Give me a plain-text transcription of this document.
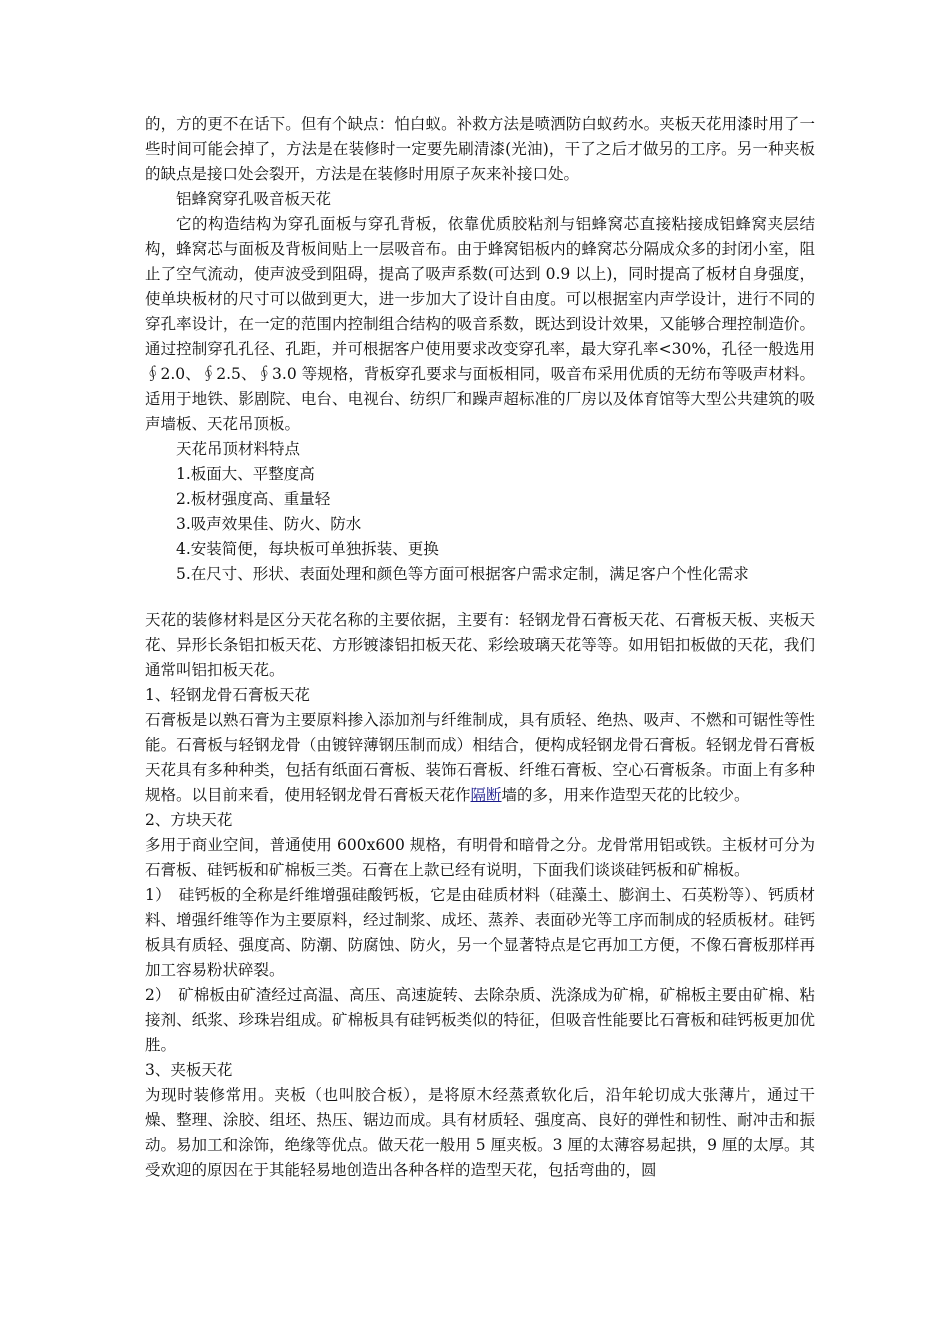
的，方的更不在话下。但有个缺点：怕白蚁。补救方法是喷洒防白蚁药水。夹板天花用漆时用了一些时间可能会掉了，方法是在装修时一定要先刷清漆(光油)，干了之后才做另的工序。另一种夹板的缺点是接口处会裂开，方法是在装修时用原子灰来补接口处。

铝蜂窝穿孔吸音板天花

它的构造结构为穿孔面板与穿孔背板，依靠优质胶粘剂与铝蜂窝芯直接粘接成铝蜂窝夹层结构，蜂窝芯与面板及背板间贴上一层吸音布。由于蜂窝铝板内的蜂窝芯分隔成众多的封闭小室，阻止了空气流动，使声波受到阻碍，提高了吸声系数(可达到 0.9 以上)，同时提高了板材自身强度，使单块板材的尺寸可以做到更大，进一步加大了设计自由度。可以根据室内声学设计，进行不同的穿孔率设计，在一定的范围内控制组合结构的吸音系数，既达到设计效果，又能够合理控制造价。通过控制穿孔孔径、孔距，并可根据客户使用要求改变穿孔率，最大穿孔率<30%，孔径一般选用∮2.0、∮2.5、∮3.0 等规格，背板穿孔要求与面板相同，吸音布采用优质的无纺布等吸声材料。适用于地铁、影剧院、电台、电视台、纺织厂和躁声超标准的厂房以及体育馆等大型公共建筑的吸声墙板、天花吊顶板。

天花吊顶材料特点

1.板面大、平整度高

2.板材强度高、重量轻

3.吸声效果佳、防火、防水

4.安装简便，每块板可单独拆装、更换

5.在尺寸、形状、表面处理和颜色等方面可根据客户需求定制，满足客户个性化需求

天花的装修材料是区分天花名称的主要依据，主要有：轻钢龙骨石膏板天花、石膏板天板、夹板天花、异形长条铝扣板天花、方形镀漆铝扣板天花、彩绘玻璃天花等等。如用铝扣板做的天花，我们通常叫铝扣板天花。

1、轻钢龙骨石膏板天花

石膏板是以熟石膏为主要原料掺入添加剂与纤维制成，具有质轻、绝热、吸声、不燃和可锯性等性能。石膏板与轻钢龙骨（由镀锌薄钢压制而成）相结合，便构成轻钢龙骨石膏板。轻钢龙骨石膏板天花具有多种种类，包括有纸面石膏板、装饰石膏板、纤维石膏板、空心石膏板条。市面上有多种规格。以目前来看，使用轻钢龙骨石膏板天花作隔断墙的多，用来作造型天花的比较少。

2、方块天花

多用于商业空间，普通使用 600x600 规格，有明骨和暗骨之分。龙骨常用铝或铁。主板材可分为石膏板、硅钙板和矿棉板三类。石膏在上款已经有说明，下面我们谈谈硅钙板和矿棉板。

1）　硅钙板的全称是纤维增强硅酸钙板，它是由硅质材料（硅藻土、膨润土、石英粉等）、钙质材料、增强纤维等作为主要原料，经过制浆、成坯、蒸养、表面砂光等工序而制成的轻质板材。硅钙板具有质轻、强度高、防潮、防腐蚀、防火，另一个显著特点是它再加工方便，不像石膏板那样再加工容易粉状碎裂。

2）　矿棉板由矿渣经过高温、高压、高速旋转、去除杂质、洗涤成为矿棉，矿棉板主要由矿棉、粘接剂、纸浆、珍珠岩组成。矿棉板具有硅钙板类似的特征，但吸音性能要比石膏板和硅钙板更加优胜。

3、夹板天花

为现时装修常用。夹板（也叫胶合板），是将原木经蒸煮软化后，沿年轮切成大张薄片，通过干燥、整理、涂胶、组坯、热压、锯边而成。具有材质轻、强度高、良好的弹性和韧性、耐冲击和振动。易加工和涂饰，绝缘等优点。做天花一般用 5 厘夹板。3 厘的太薄容易起拱，9 厘的太厚。其受欢迎的原因在于其能轻易地创造出各种各样的造型天花，包括弯曲的，圆
